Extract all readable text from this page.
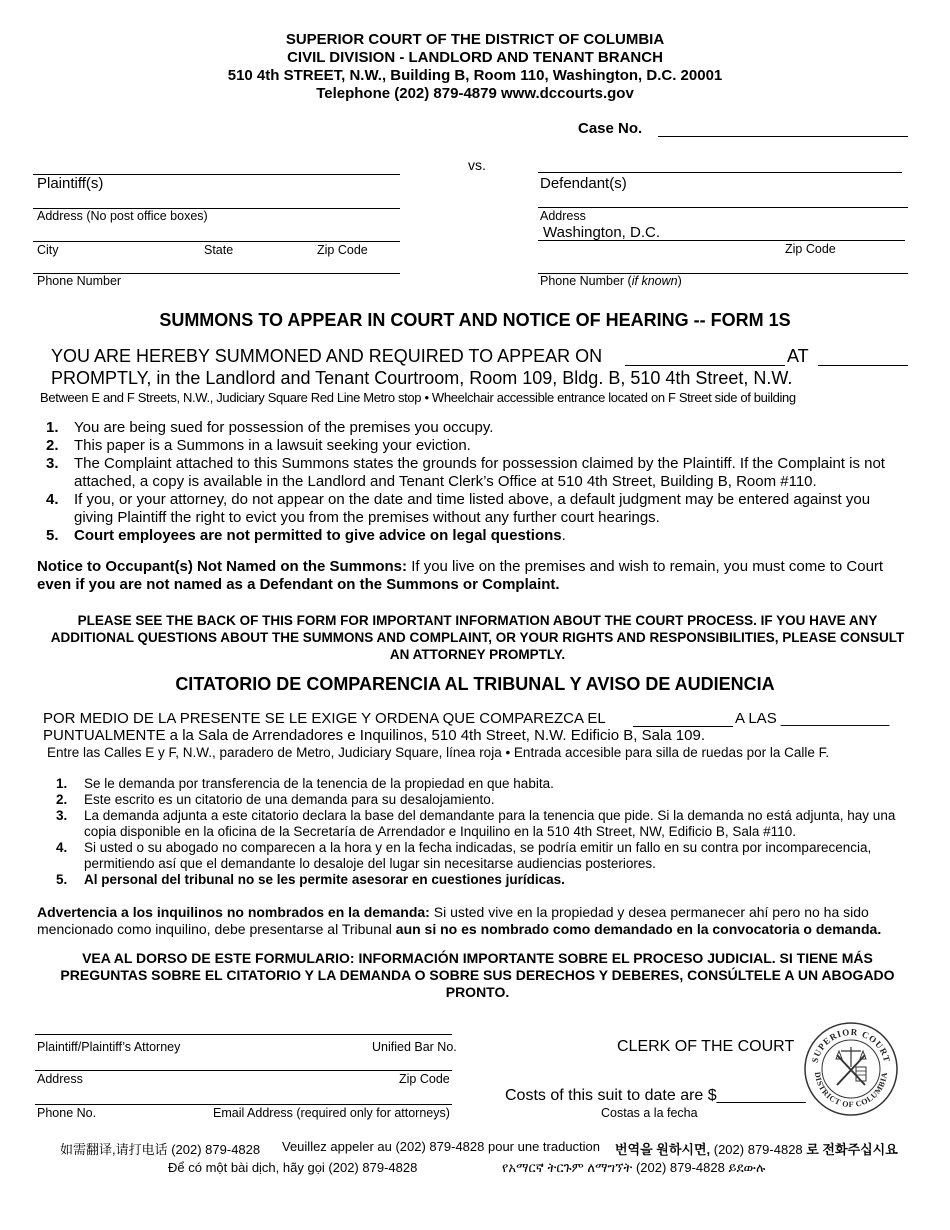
SUPERIOR COURT OF THE DISTRICT OF COLUMBIA
CIVIL DIVISION - LANDLORD AND TENANT BRANCH
510 4th STREET, N.W., Building B, Room 110, Washington, D.C. 20001
Telephone (202) 879-4879 www.dccourts.gov
Case No.
vs.
Plaintiff(s)
Address (No post office boxes)
City	State	Zip Code
Phone Number
Defendant(s)
Address
Washington, D.C.
Zip Code
Phone Number (if known)
SUMMONS TO APPEAR IN COURT AND NOTICE OF HEARING -- FORM 1S
YOU ARE HEREBY SUMMONED AND REQUIRED TO APPEAR ON	AT
PROMPTLY, in the Landlord and Tenant Courtroom, Room 109, Bldg. B, 510 4th Street, N.W.
Between E and F Streets, N.W., Judiciary Square Red Line Metro stop • Wheelchair accessible entrance located on F Street side of building
1.	You are being sued for possession of the premises you occupy.
2.	This paper is a Summons in a lawsuit seeking your eviction.
3.	The Complaint attached to this Summons states the grounds for possession claimed by the Plaintiff. If the Complaint is not attached, a copy is available in the Landlord and Tenant Clerk’s Office at 510 4th Street, Building B, Room #110.
4.	If you, or your attorney, do not appear on the date and time listed above, a default judgment may be entered against you giving Plaintiff the right to evict you from the premises without any further court hearings.
5.	Court employees are not permitted to give advice on legal questions.
Notice to Occupant(s) Not Named on the Summons: If you live on the premises and wish to remain, you must come to Court even if you are not named as a Defendant on the Summons or Complaint.
PLEASE SEE THE BACK OF THIS FORM FOR IMPORTANT INFORMATION ABOUT THE COURT PROCESS. IF YOU HAVE ANY ADDITIONAL QUESTIONS ABOUT THE SUMMONS AND COMPLAINT, OR YOUR RIGHTS AND RESPONSIBILITIES, PLEASE CONSULT AN ATTORNEY PROMPTLY.
CITATORIO DE COMPARENCIA AL TRIBUNAL Y AVISO DE AUDIENCIA
POR MEDIO DE LA PRESENTE SE LE EXIGE Y ORDENA QUE COMPAREZCA EL	A LAS _____________
PUNTUALMENTE a la Sala de Arrendadores e Inquilinos, 510 4th Street, N.W. Edificio B, Sala 109.
Entre las Calles E y F, N.W., paradero de Metro, Judiciary Square, línea roja • Entrada accesible para silla de ruedas por la Calle F.
1.	Se le demanda por transferencia de la tenencia de la propiedad en que habita.
2.	Este escrito es un citatorio de una demanda para su desalojamiento.
3.	La demanda adjunta a este citatorio declara la base del demandante para la tenencia que pide. Si la demanda no está adjunta, hay una copia disponible en la oficina de la Secretaría de Arrendador e Inquilino en la 510 4th Street, NW, Edificio B, Sala #110.
4.	Si usted o su abogado no comparecen a la hora y en la fecha indicadas, se podría emitir un fallo en su contra por incomparecencia, permitiendo así que el demandante lo desaloje del lugar sin necesitarse audiencias posteriores.
5.	Al personal del tribunal no se les permite asesorar en cuestiones jurídicas.
Advertencia a los inquilinos no nombrados en la demanda: Si usted vive en la propiedad y desea permanecer ahí pero no ha sido mencionado como inquilino, debe presentarse al Tribunal aun si no es nombrado como demandado en la convocatoria o demanda.
VEA AL DORSO DE ESTE FORMULARIO: INFORMACIÓN IMPORTANTE SOBRE EL PROCESO JUDICIAL. SI TIENE MÁS PREGUNTAS SOBRE EL CITATORIO Y LA DEMANDA O SOBRE SUS DERECHOS Y DEBERES, CONSÚLTELE A UN ABOGADO PRONTO.
Plaintiff/Plaintiff’s Attorney	Unified Bar No.
Address	Zip Code
Phone No.	Email Address (required only for attorneys)
CLERK OF THE COURT
Costs of this suit to date are $__________
Costas a la fecha
SUPERIOR COURT
DISTRICT OF COLUMBIA
如需翻译,请打电话 (202) 879-4828 Veuillez appeler au (202) 879-4828 pour une traduction 번역을 원하시면, (202) 879-4828 로 전화주십시요
Để có một bài dịch, hãy gọi (202) 879-4828	የአማርኛ ትርጉም ለማግኘት (202) 879-4828 ይደውሉ
